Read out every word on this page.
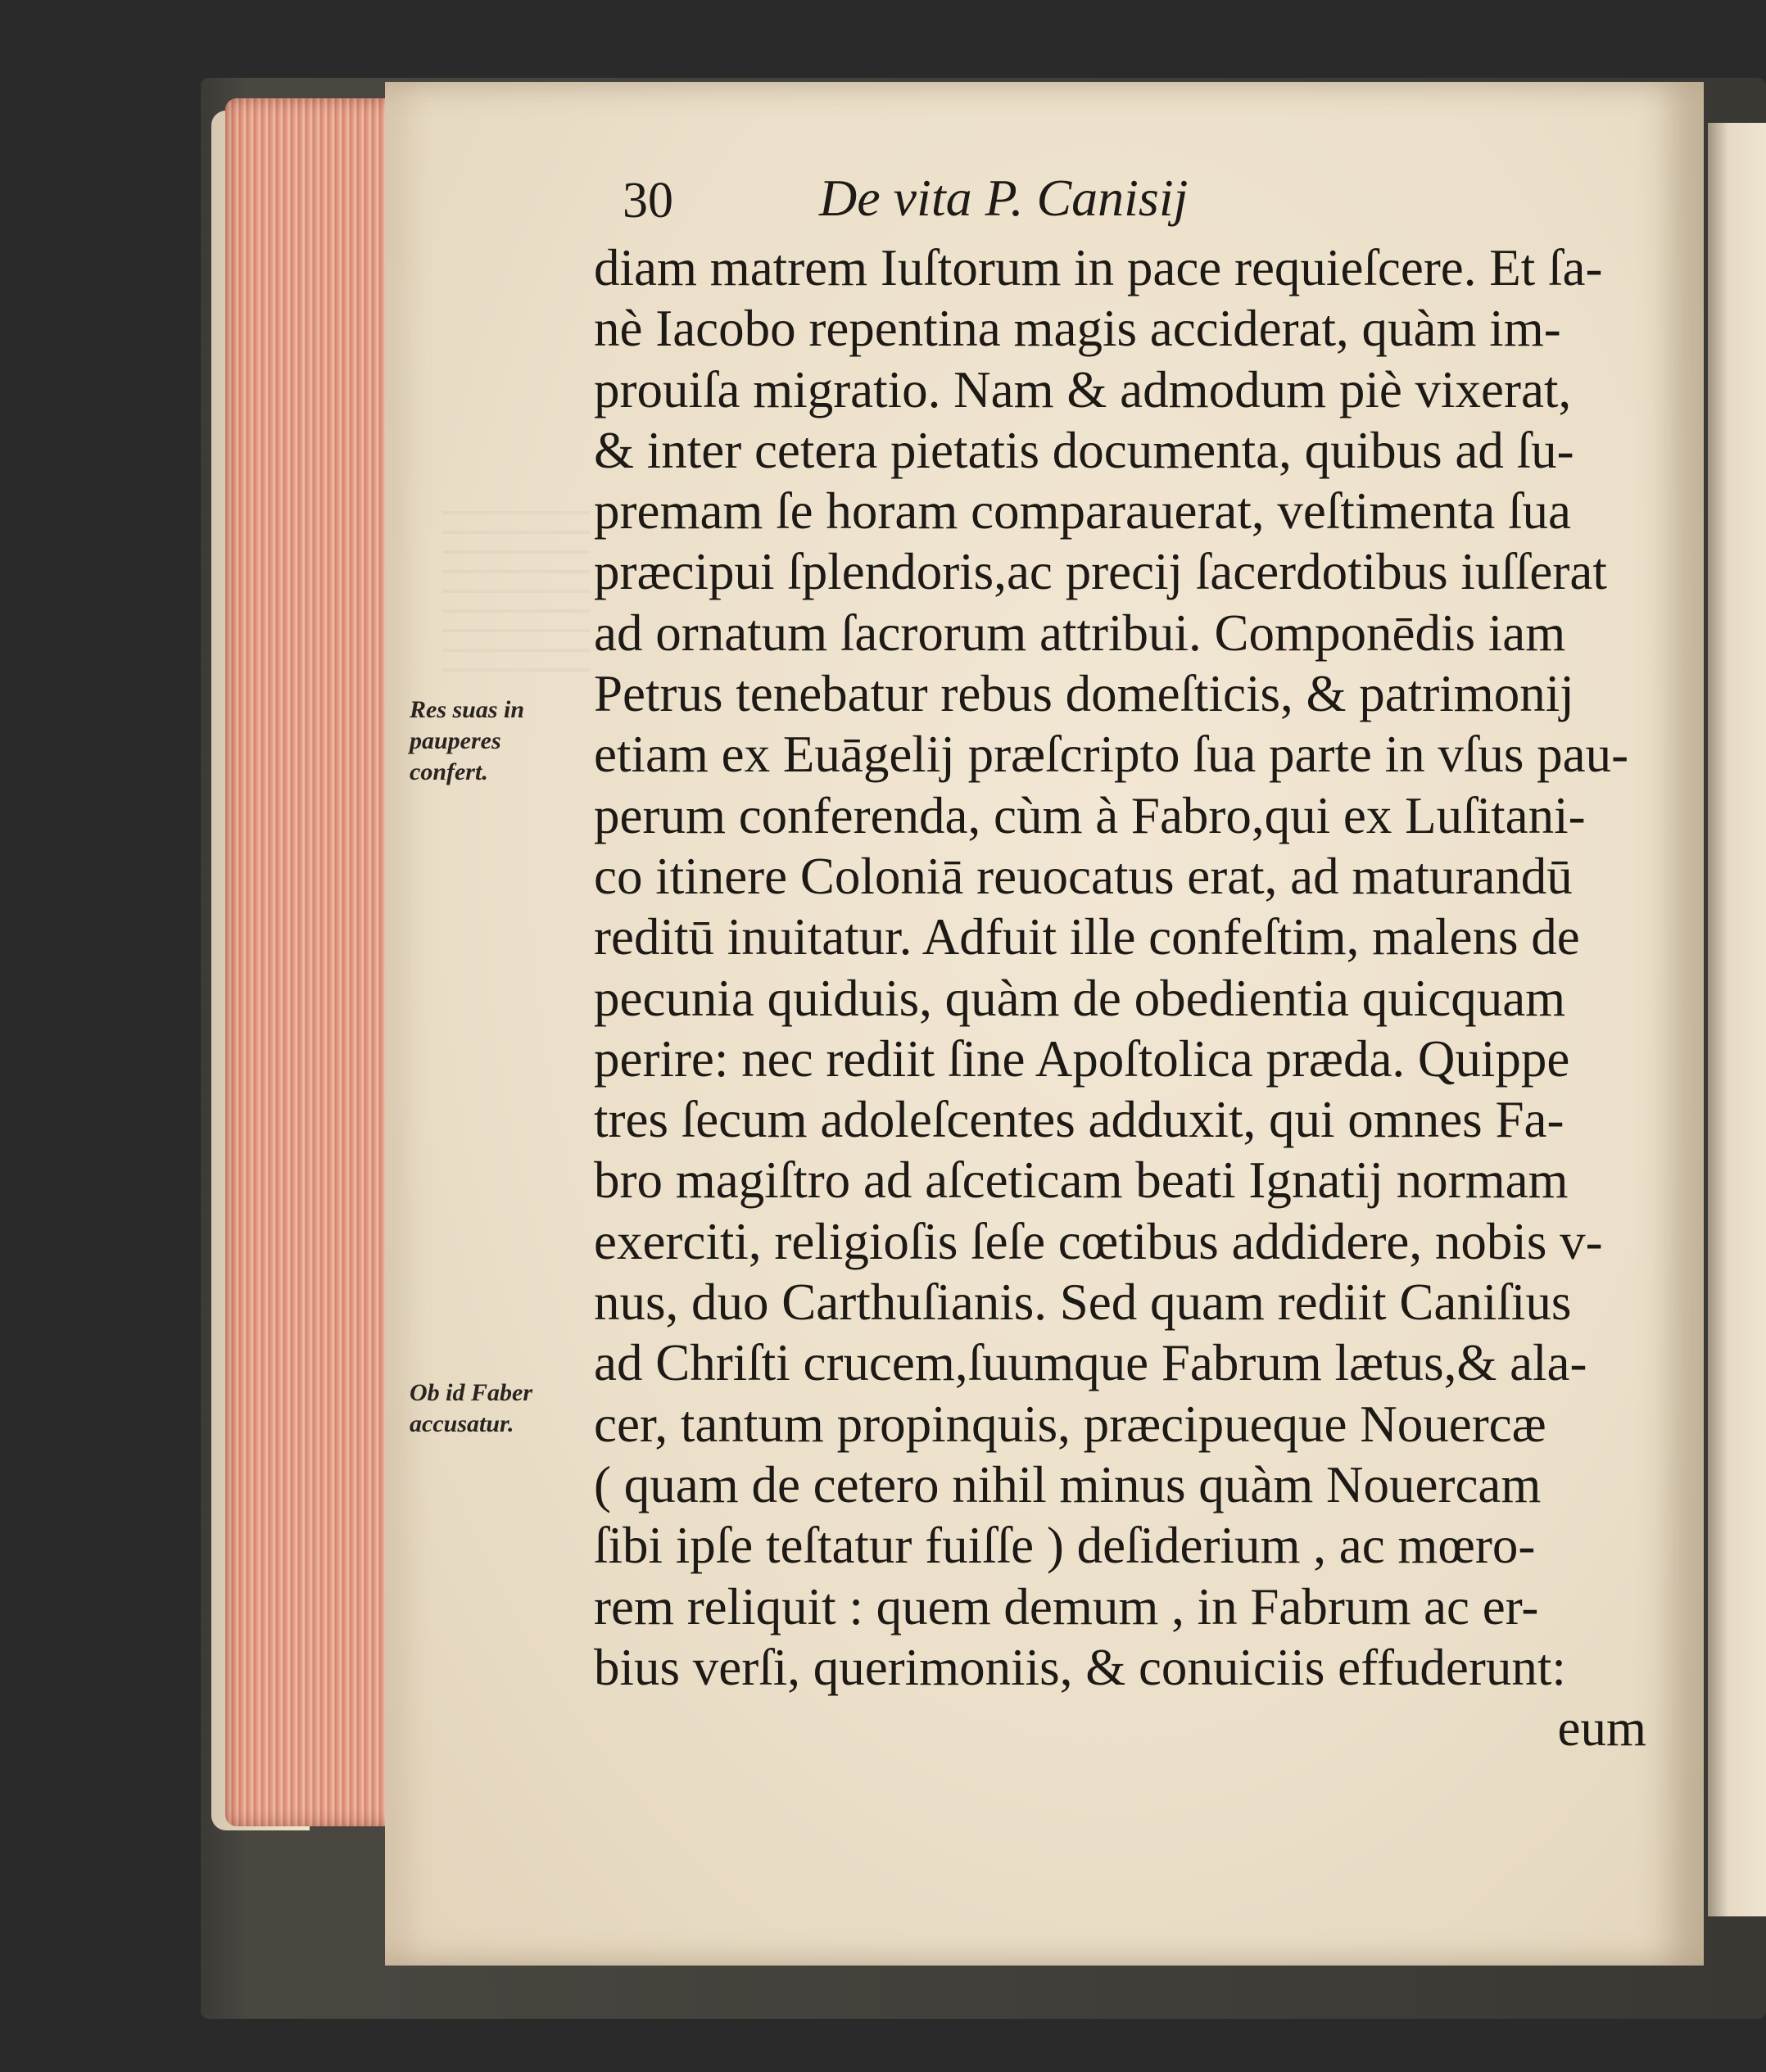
30	De vita P. Canisij
Res suas in
pauperes
confert.
Ob id Faber
accusatur.
diam matrem Iuſtorum in pace requieſcere. Et ſa-
nè Iacobo repentina magis acciderat, quàm im-
prouiſa migratio. Nam & admodum piè vixerat,
& inter cetera pietatis documenta, quibus ad ſu-
premam ſe horam comparauerat, veſtimenta ſua
præcipui ſplendoris,ac precij ſacerdotibus iuſſerat
ad ornatum ſacrorum attribui. Componēdis iam
Petrus tenebatur rebus domeſticis, & patrimonij
etiam ex Euāgelij præſcripto ſua parte in vſus pau-
perum conferenda, cùm à Fabro,qui ex Luſitani-
co itinere Coloniā reuocatus erat, ad maturandū
reditū inuitatur. Adfuit ille confeſtim, malens de
pecunia quiduis, quàm de obedientia quicquam
perire: nec rediit ſine Apoſtolica præda. Quippe
tres ſecum adoleſcentes adduxit, qui omnes Fa-
bro magiſtro ad aſceticam beati Ignatij normam
exerciti, religioſis ſeſe cœtibus addidere, nobis v-
nus, duo Carthuſianis. Sed quam rediit Caniſius
ad Chriſti crucem,ſuumque Fabrum lætus,& ala-
cer, tantum propinquis, præcipueque Nouercæ
( quam de cetero nihil minus quàm Nouercam
ſibi ipſe teſtatur fuiſſe ) deſiderium , ac mœro-
rem reliquit : quem demum , in Fabrum ac er-
bius verſi, querimoniis, & conuiciis effuderunt:
eum
